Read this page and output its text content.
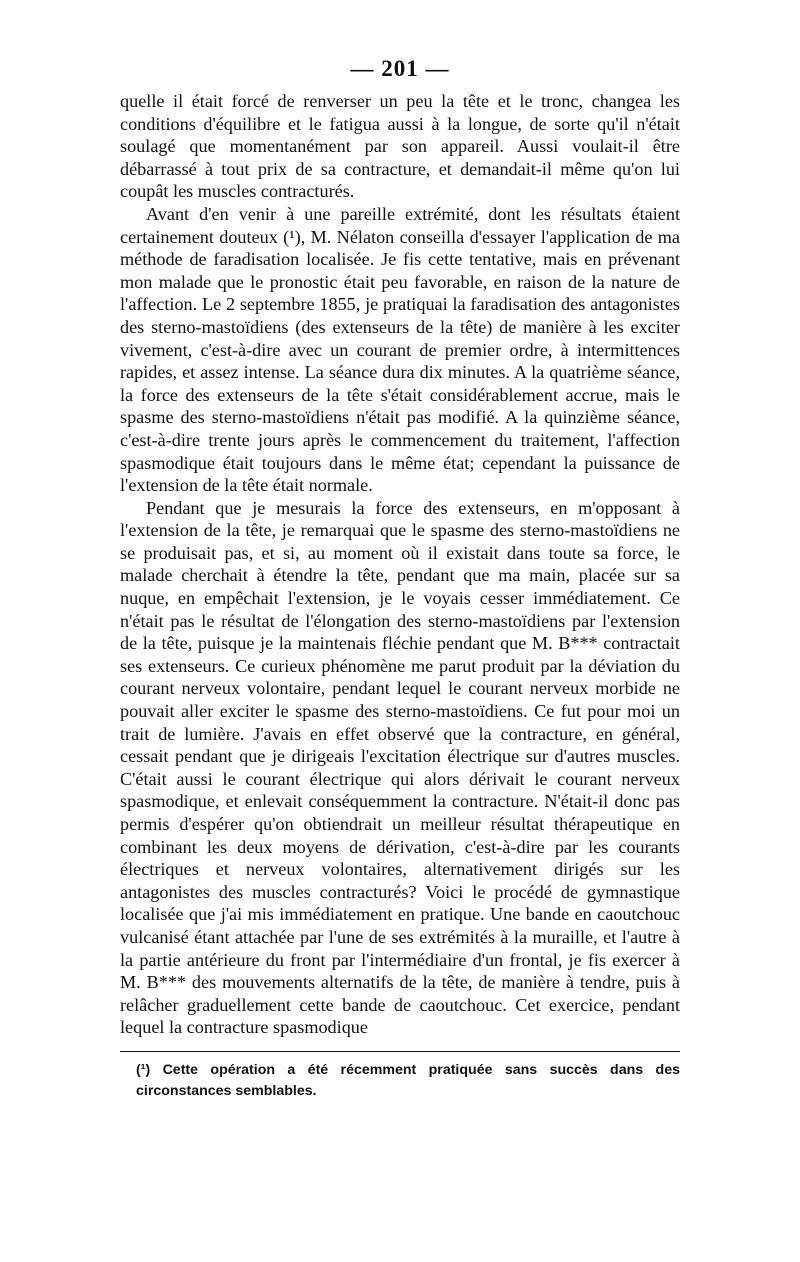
— 201 —

quelle il était forcé de renverser un peu la tête et le tronc, changea les conditions d'équilibre et le fatigua aussi à la longue, de sorte qu'il n'était soulagé que momentanément par son appareil. Aussi voulait-il être débarrassé à tout prix de sa contracture, et demandait-il même qu'on lui coupât les muscles contracturés.

Avant d'en venir à une pareille extrémité, dont les résultats étaient certainement douteux (¹), M. Nélaton conseilla d'essayer l'application de ma méthode de faradisation localisée. Je fis cette tentative, mais en prévenant mon malade que le pronostic était peu favorable, en raison de la nature de l'affection. Le 2 septembre 1855, je pratiquai la faradisation des antagonistes des sterno-mastoïdiens (des extenseurs de la tête) de manière à les exciter vivement, c'est-à-dire avec un courant de premier ordre, à intermittences rapides, et assez intense. La séance dura dix minutes. A la quatrième séance, la force des extenseurs de la tête s'était considérablement accrue, mais le spasme des sterno-mastoïdiens n'était pas modifié. A la quinzième séance, c'est-à-dire trente jours après le commencement du traitement, l'affection spasmodique était toujours dans le même état; cependant la puissance de l'extension de la tête était normale.

Pendant que je mesurais la force des extenseurs, en m'opposant à l'extension de la tête, je remarquai que le spasme des sterno-mastoïdiens ne se produisait pas, et si, au moment où il existait dans toute sa force, le malade cherchait à étendre la tête, pendant que ma main, placée sur sa nuque, en empêchait l'extension, je le voyais cesser immédiatement. Ce n'était pas le résultat de l'élongation des sterno-mastoïdiens par l'extension de la tête, puisque je la maintenais fléchie pendant que M. B*** contractait ses extenseurs. Ce curieux phénomène me parut produit par la déviation du courant nerveux volontaire, pendant lequel le courant nerveux morbide ne pouvait aller exciter le spasme des sterno-mastoïdiens. Ce fut pour moi un trait de lumière. J'avais en effet observé que la contracture, en général, cessait pendant que je dirigeais l'excitation électrique sur d'autres muscles. C'était aussi le courant électrique qui alors dérivait le courant nerveux spasmodique, et enlevait conséquemment la contracture. N'était-il donc pas permis d'espérer qu'on obtiendrait un meilleur résultat thérapeutique en combinant les deux moyens de dérivation, c'est-à-dire par les courants électriques et nerveux volontaires, alternativement dirigés sur les antagonistes des muscles contracturés? Voici le procédé de gymnastique localisée que j'ai mis immédiatement en pratique. Une bande en caoutchouc vulcanisé étant attachée par l'une de ses extrémités à la muraille, et l'autre à la partie antérieure du front par l'intermédiaire d'un frontal, je fis exercer à M. B*** des mouvements alternatifs de la tête, de manière à tendre, puis à relâcher graduellement cette bande de caoutchouc. Cet exercice, pendant lequel la contracture spasmodique

(¹) Cette opération a été récemment pratiquée sans succès dans des circonstances semblables.
